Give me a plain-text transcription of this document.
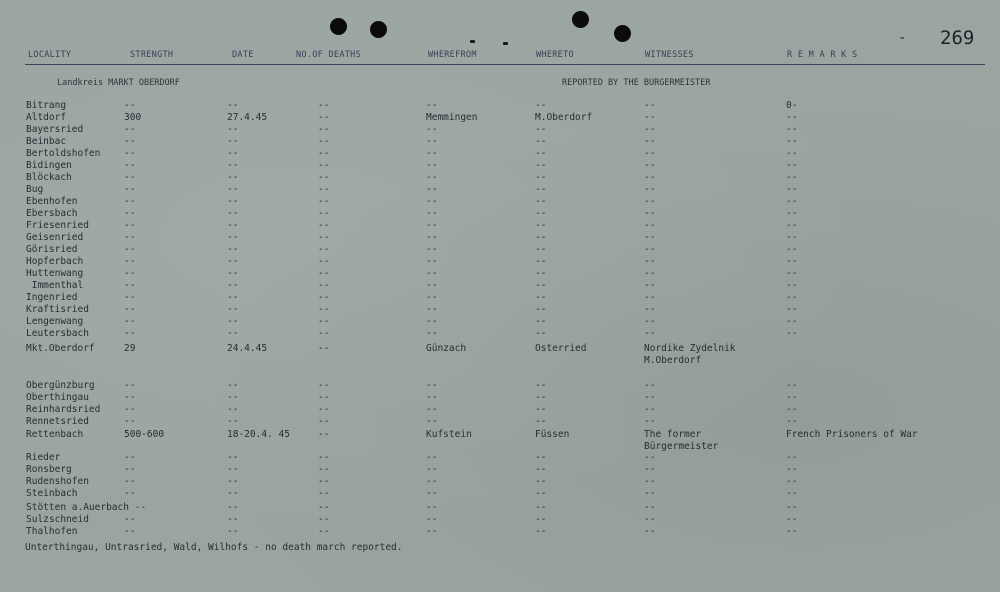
- 269
LOCALITY	STRENGTH	DATE	NO.OF DEATHS	WHEREFROM	WHERETO	WITNESSES	R E M A R K S
Landkreis MARKT OBERDORF	REPORTED BY THE BURGERMEISTER
Bitrang	--	--	--	--	--	--	0-
Altdorf	300	27.4.45	--	Memmingen	M.Oberdorf	--	--
Bayersried	--	--	--	--	--	--	--
Beinbac	--	--	--	--	--	--	--
Bertoldshofen --	--	--	--	--	--	--
Bidingen	--	--	--	--	--	--	--
Blöckach	--	--	--	--	--	--	--
Bug	--	--	--	--	--	--	--
Ebenhofen	--	--	--	--	--	--	--
Ebersbach	--	--	--	--	--	--	--
Friesenried	--	--	--	--	--	--	--
Geisenried	--	--	--	--	--	--	--
Görisried	--	--	--	--	--	--	--
Hopferbach	--	--	--	--	--	--	--
Huttenwang	--	--	--	--	--	--	--
Immenthal	--	--	--	--	--	--	--
Ingenried	--	--	--	--	--	--	--
Kraftisried	--	--	--	--	--	--	--
Lengenwang	--	--	--	--	--	--	--
Leutersbach	--	--	--	--	--	--	--
Mkt.Oberdorf	29	24.4.45	--	Günzach	Osterried	Nordike Zydelnik
M.Oberdorf
Obergünzburg	--	--	--	--	--	--	--
Oberthingau	--	--	--	--	--	--	--
Reinhardsried --	--	--	--	--	--	--
Rennetsried	--	--	--	--	--	--	--
Rettenbach	500-600	18-20.4. 45	--	Kufstein	Füssen	The former	French Prisoners of War
Bürgermeister
Rieder	--	--	--	--	--	--	--
Ronsberg	--	--	--	--	--	--	--
Rudenshofen	--	--	--	--	--	--	--
Steinbach	--	--	--	--	--	--	--
Stötten a.Auerbach --	--	--	--	--	--	--
Sulzschneid	--	--	--	--	--	--	--
Thalhofen	--	--	--	--	--	--	--
Unterthingau, Untrasried, Wald, Wilhofs - no death march reported.
